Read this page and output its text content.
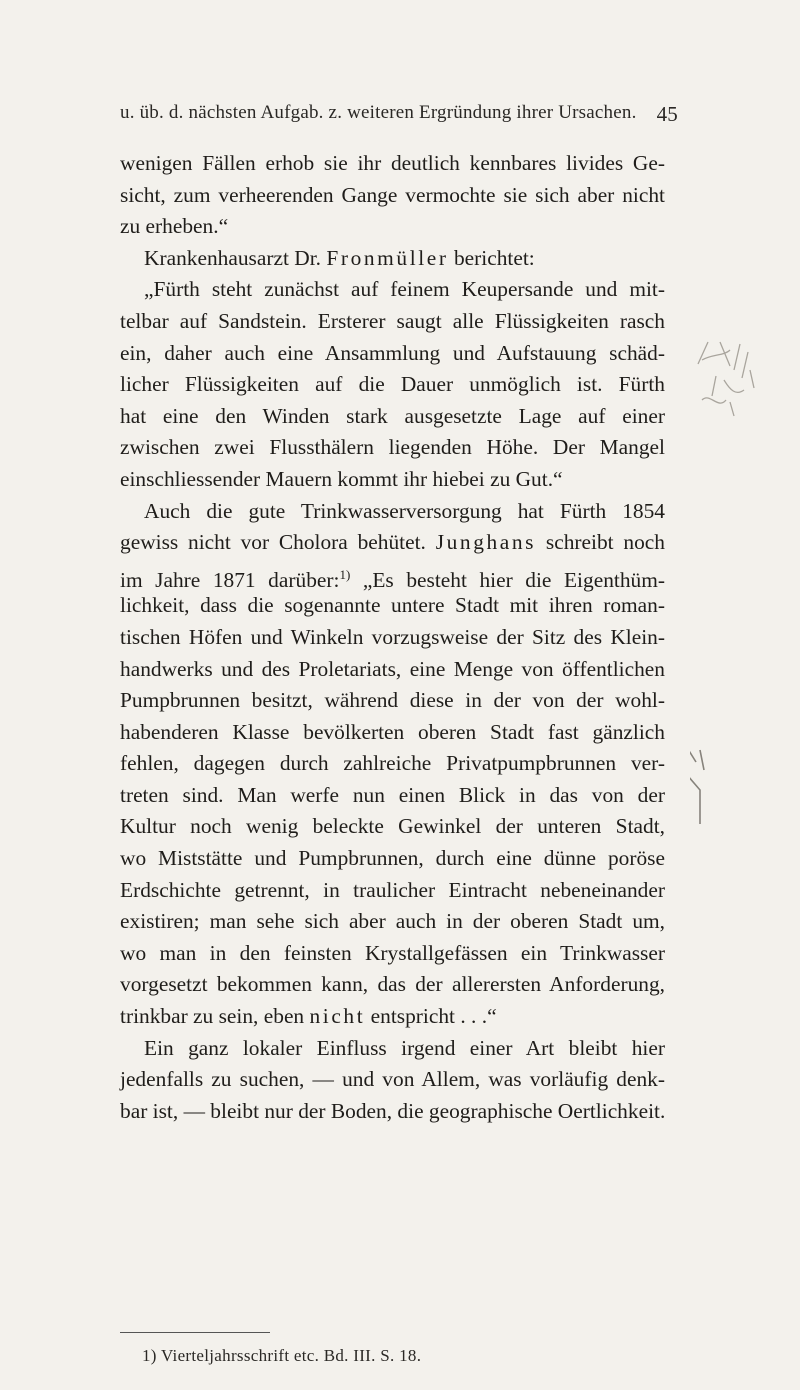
u. üb. d. nächsten Aufgab. z. weiteren Ergründung ihrer Ursachen. 45
wenigen Fällen erhob sie ihr deutlich kennbares livides Ge-
sicht, zum verheerenden Gange vermochte sie sich aber nicht
zu erheben.“
Krankenhausarzt Dr. Fronmüller berichtet:
„Fürth steht zunächst auf feinem Keupersande und mit-
telbar auf Sandstein. Ersterer saugt alle Flüssigkeiten rasch
ein, daher auch eine Ansammlung und Aufstauung schäd-
licher Flüssigkeiten auf die Dauer unmöglich ist. Fürth
hat eine den Winden stark ausgesetzte Lage auf einer
zwischen zwei Flussthälern liegenden Höhe. Der Mangel
einschliessender Mauern kommt ihr hiebei zu Gut.“
Auch die gute Trinkwasserversorgung hat Fürth 1854
gewiss nicht vor Cholora behütet. Junghans schreibt noch
im Jahre 1871 darüber:$^{1)}$ „Es besteht hier die Eigenthüm-
lichkeit, dass die sogenannte untere Stadt mit ihren roman-
tischen Höfen und Winkeln vorzugsweise der Sitz des Klein-
handwerks und des Proletariats, eine Menge von öffentlichen
Pumpbrunnen besitzt, während diese in der von der wohl-
habenderen Klasse bevölkerten oberen Stadt fast gänzlich
fehlen, dagegen durch zahlreiche Privatpumpbrunnen ver-
treten sind. Man werfe nun einen Blick in das von der
Kultur noch wenig beleckte Gewinkel der unteren Stadt,
wo Miststätte und Pumpbrunnen, durch eine dünne poröse
Erdschichte getrennt, in traulicher Eintracht nebeneinander
existiren; man sehe sich aber auch in der oberen Stadt um,
wo man in den feinsten Krystallgefässen ein Trinkwasser
vorgesetzt bekommen kann, das der allerersten Anforderung,
trinkbar zu sein, eben nicht entspricht . . .“
Ein ganz lokaler Einfluss irgend einer Art bleibt hier
jedenfalls zu suchen, — und von Allem, was vorläufig denk-
bar ist, — bleibt nur der Boden, die geographische Oertlichkeit.
1) Vierteljahrsschrift etc. Bd. III. S. 18.
